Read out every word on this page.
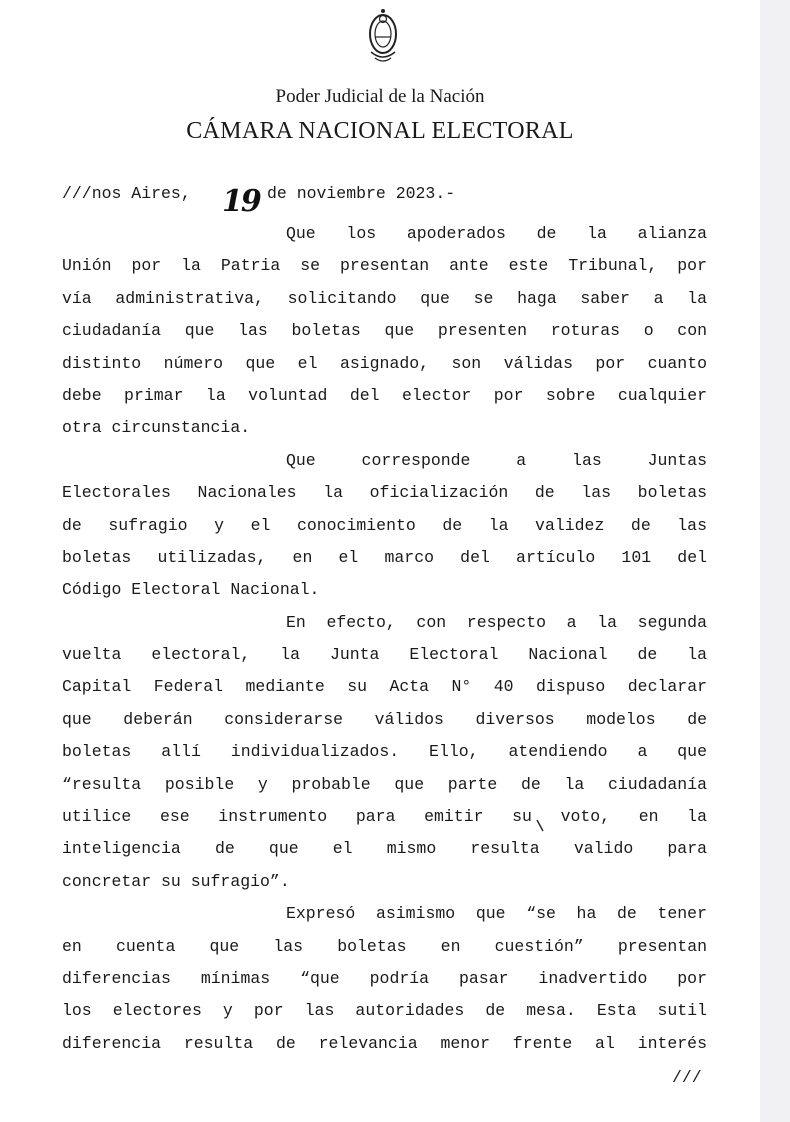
Poder Judicial de la Nación
CÁMARA NACIONAL ELECTORAL
///nos Aires, 19 de noviembre 2023.-
Que los apoderados de la alianza
Unión por la Patria se presentan ante este Tribunal, por
vía administrativa, solicitando que se haga saber a la
ciudadanía que las boletas que presenten roturas o con
distinto número que el asignado, son válidas por cuanto
debe primar la voluntad del elector por sobre cualquier
otra circunstancia.
Que corresponde a las Juntas
Electorales Nacionales la oficialización de las boletas
de sufragio y el conocimiento de la validez de las
boletas utilizadas, en el marco del artículo 101 del
Código Electoral Nacional.
En efecto, con respecto a la segunda
vuelta electoral, la Junta Electoral Nacional de la
Capital Federal mediante su Acta N° 40 dispuso declarar
que deberán considerarse válidos diversos modelos de
boletas allí individualizados. Ello, atendiendo a que
“resulta posible y probable que parte de la ciudadanía
utilice ese instrumento para emitir su voto, en la
inteligencia de que el mismo resulta valido para
concretar su sufragio”.
Expresó asimismo que “se ha de tener
en cuenta que las boletas en cuestión” presentan
diferencias mínimas “que podría pasar inadvertido por
los electores y por las autoridades de mesa. Esta sutil
diferencia resulta de relevancia menor frente al interés
///
